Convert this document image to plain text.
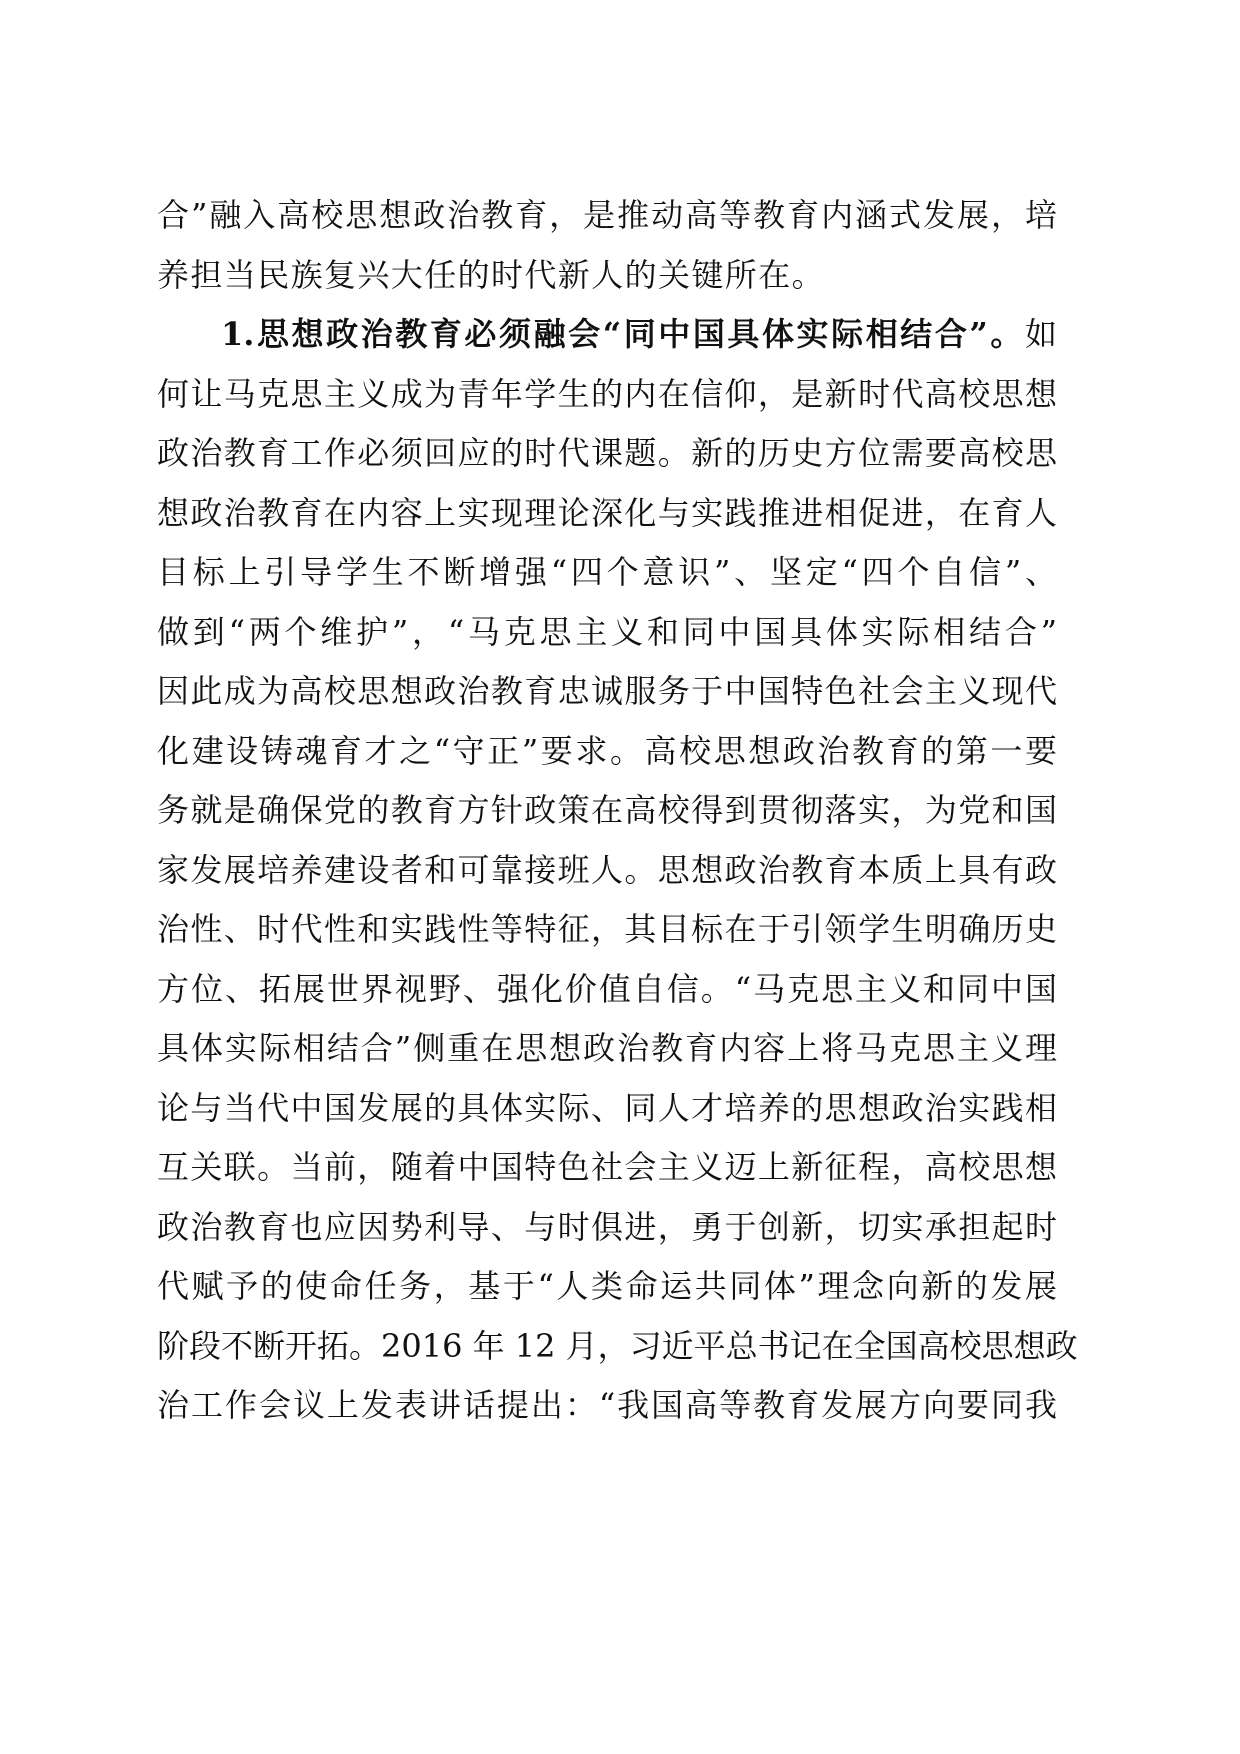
合”融入高校思想政治教育，是推动高等教育内涵式发展，培
养担当民族复兴大任的时代新人的关键所在。
1.思想政治教育必须融会“同中国具体实际相结合”。如
何让马克思主义成为青年学生的内在信仰，是新时代高校思想
政治教育工作必须回应的时代课题。新的历史方位需要高校思
想政治教育在内容上实现理论深化与实践推进相促进，在育人
目标上引导学生不断增强“四个意识”、坚定“四个自信”、
做到“两个维护”，“马克思主义和同中国具体实际相结合”
因此成为高校思想政治教育忠诚服务于中国特色社会主义现代
化建设铸魂育才之“守正”要求。高校思想政治教育的第一要
务就是确保党的教育方针政策在高校得到贯彻落实，为党和国
家发展培养建设者和可靠接班人。思想政治教育本质上具有政
治性、时代性和实践性等特征，其目标在于引领学生明确历史
方位、拓展世界视野、强化价值自信。“马克思主义和同中国
具体实际相结合”侧重在思想政治教育内容上将马克思主义理
论与当代中国发展的具体实际、同人才培养的思想政治实践相
互关联。当前，随着中国特色社会主义迈上新征程，高校思想
政治教育也应因势利导、与时俱进，勇于创新，切实承担起时
代赋予的使命任务，基于“人类命运共同体”理念向新的发展
阶段不断开拓。2016 年 12 月，习近平总书记在全国高校思想政
治工作会议上发表讲话提出：“我国高等教育发展方向要同我
